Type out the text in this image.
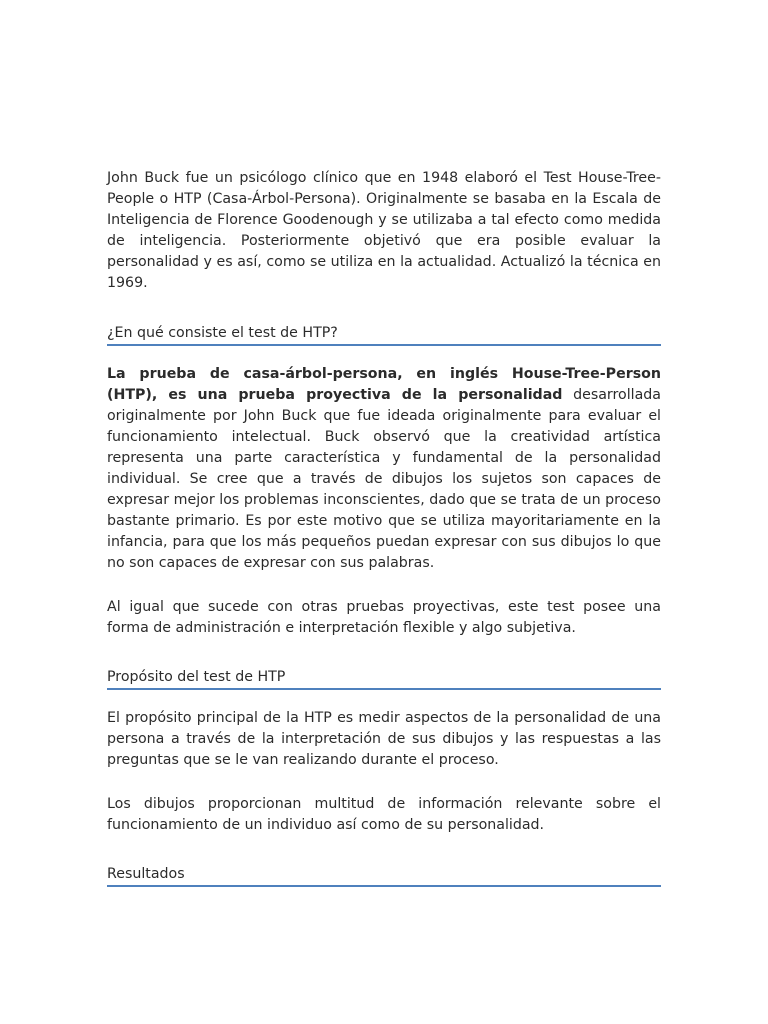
John Buck fue un psicólogo clínico que en 1948 elaboró el Test House-Tree-People o HTP (Casa-Árbol-Persona). Originalmente se basaba en la Escala de Inteligencia de Florence Goodenough y se utilizaba a tal efecto como medida de inteligencia. Posteriormente objetivó que era posible evaluar la personalidad y es así, como se utiliza en la actualidad. Actualizó la técnica en 1969.

¿En qué consiste el test de HTP?

La prueba de casa-árbol-persona, en inglés House-Tree-Person (HTP), es una prueba proyectiva de la personalidad desarrollada originalmente por John Buck que fue ideada originalmente para evaluar el funcionamiento intelectual. Buck observó que la creatividad artística representa una parte característica y fundamental de la personalidad individual. Se cree que a través de dibujos los sujetos son capaces de expresar mejor los problemas inconscientes, dado que se trata de un proceso bastante primario. Es por este motivo que se utiliza mayoritariamente en la infancia, para que los más pequeños puedan expresar con sus dibujos lo que no son capaces de expresar con sus palabras.

Al igual que sucede con otras pruebas proyectivas, este test posee una forma de administración e interpretación flexible y algo subjetiva.

Propósito del test de HTP

El propósito principal de la HTP es medir aspectos de la personalidad de una persona a través de la interpretación de sus dibujos y las respuestas a las preguntas que se le van realizando durante el proceso.

Los dibujos proporcionan multitud de información relevante sobre el funcionamiento de un individuo así como de su personalidad.

Resultados
